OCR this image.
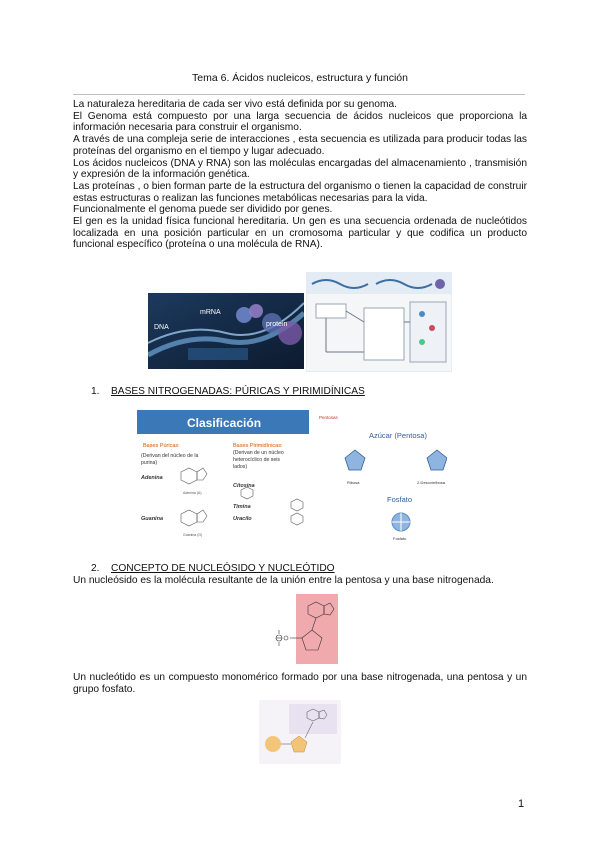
Tema 6. Ácidos nucleicos, estructura y función

La naturaleza hereditaria de cada ser vivo está definida por su genoma.

El Genoma está compuesto por una larga secuencia de ácidos nucleicos que proporciona la información necesaria para construir el organismo.

A través de una compleja serie de interacciones , esta secuencia es utilizada para producir todas las proteínas del organismo en el tiempo y lugar adecuado.

Los ácidos nucleicos (DNA y RNA) son las moléculas encargadas del almacenamiento , transmisión y expresión de la información genética.

Las proteínas , o bien forman parte de la estructura del organismo o tienen la capacidad de construir estas estructuras o realizan las funciones metabólicas necesarias para la vida.

Funcionalmente el genoma puede ser dividido por genes.

El gen es la unidad física funcional hereditaria. Un gen es una secuencia ordenada de nucleótidos localizada en una posición particular en un cromosoma particular y que codifica un producto funcional específico (proteína o una molécula de RNA).

mRNA
DNA	protein
1. BASES NITROGENADAS: PÚRICAS Y PIRIMIDÍNICAS
Clasificación	Pentosas
Bases Púricas:
(Derivan del núcleo de la purina)
Adenina
Adenina (A)
Guanina
Guanina (G)
Bases Pirimidínicas:
(Derivan de un núcleo heterocíclico de seis lados)
Citosina
Timina
Uracilo
Azúcar (Pentosa)
Ribosa	2-Desoxirribosa
Fosfato
Fosfato
2. CONCEPTO DE NUCLEÓSIDO Y NUCLEÓTIDO
Un nucleósido es la molécula resultante de la unión entre la pentosa y una base nitrogenada.
Un nucleótido es un compuesto monomérico formado por una base nitrogenada, una pentosa y un grupo fosfato.
1
